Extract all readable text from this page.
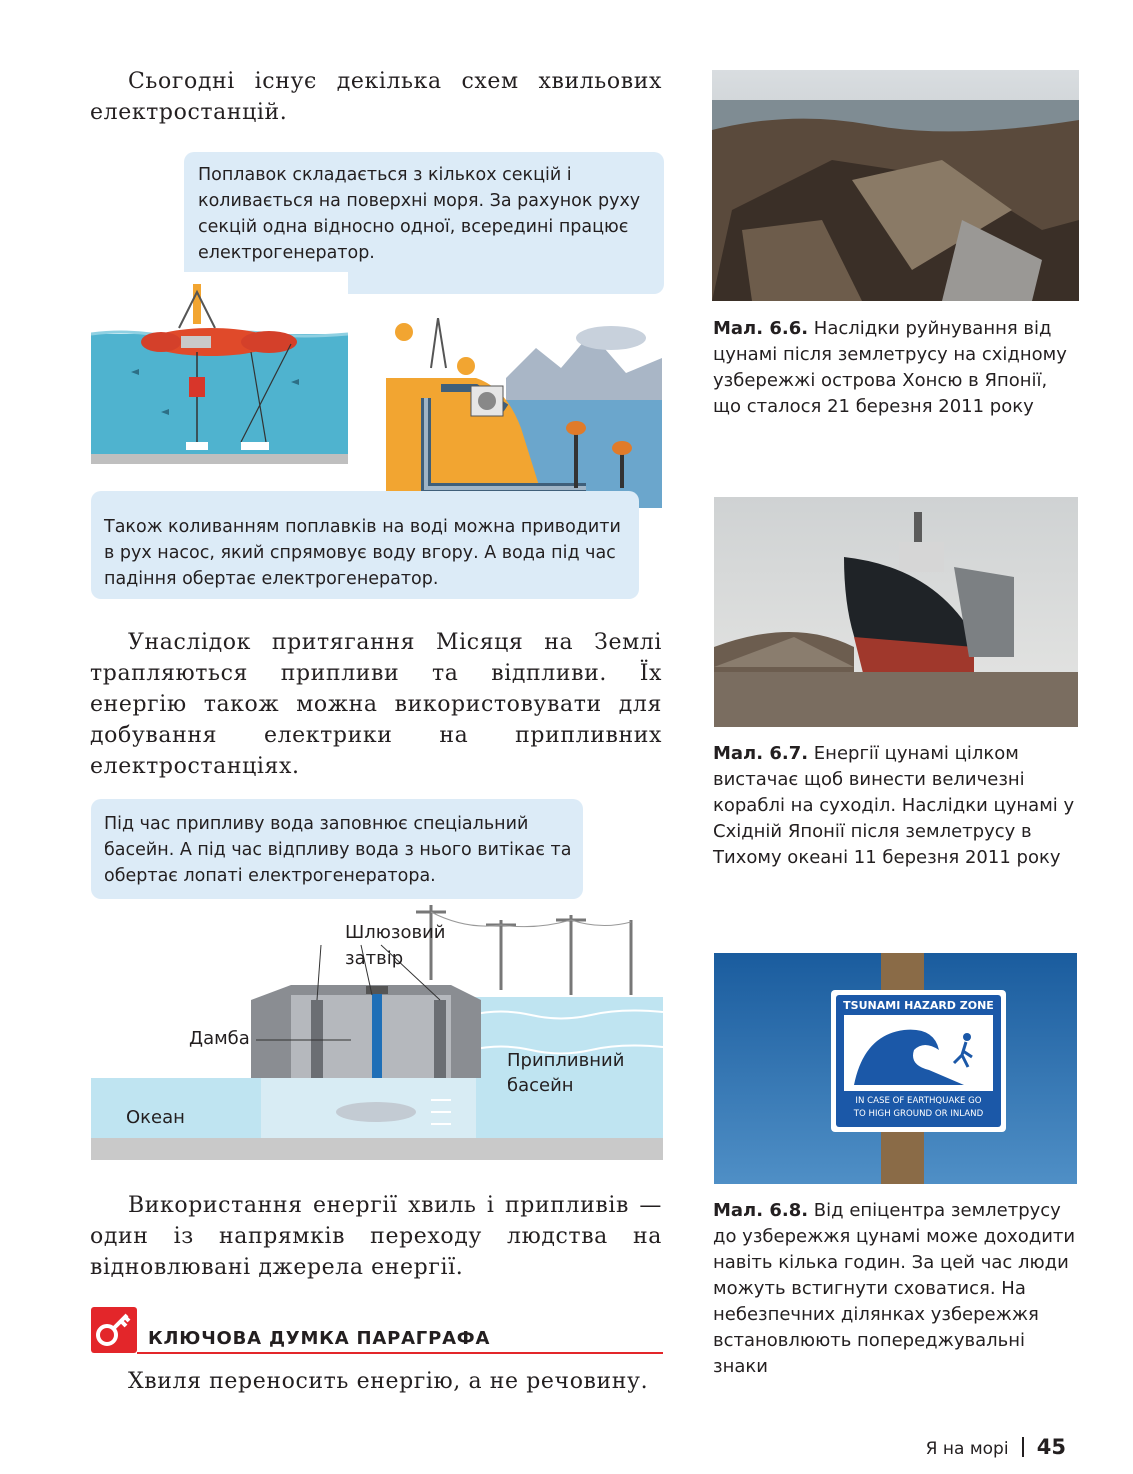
Сьогодні існує декілька схем хвильових електростанцій.
Поплавок складається з кількох секцій і коливається на поверхні моря. За рахунок руху секцій одна відносно одної, всередині працює електрогенератор.
Також коливанням поплавків на воді можна приводити в рух насос, який спрямовує воду вгору. А вода під час падіння обертає електрогенератор.
Унаслідок притягання Місяця на Землі трапляються припливи та відпливи. Їх енергію також можна використовувати для добування електрики на припливних електростанціях.
Під час припливу вода заповнює спеціальний басейн. А під час відпливу вода з нього витікає та обертає лопаті електрогенератора.
Шлюзовий
затвір
Дамба
Припливний
басейн
Океан
Використання енергії хвиль і припливів — один із напрямків переходу людства на відновлювані джерела енергії.
КЛЮЧОВА ДУМКА ПАРАГРАФА
Хвиля переносить енергію, а не речовину.
Мал. 6.6. Наслідки руйнування від цунамі після землетрусу на східному узбережжі острова Хонсю в Японії, що сталося 21 березня 2011 року
Мал. 6.7. Енергії цунамі цілком вистачає щоб винести величезні кораблі на суходіл. Наслідки цунамі у Східній Японії після землетрусу в Тихому океані 11 березня 2011 року
TSUNAMI HAZARD ZONE
IN CASE OF EARTHQUAKE GO
TO HIGH GROUND OR INLAND
Мал. 6.8. Від епіцентра землетрусу до узбережжя цунамі може доходити навіть кілька годин. За цей час люди можуть встигнути сховатися. На небезпечних ділянках узбережжя встановлюють попереджувальні знаки
Я на морі 45
